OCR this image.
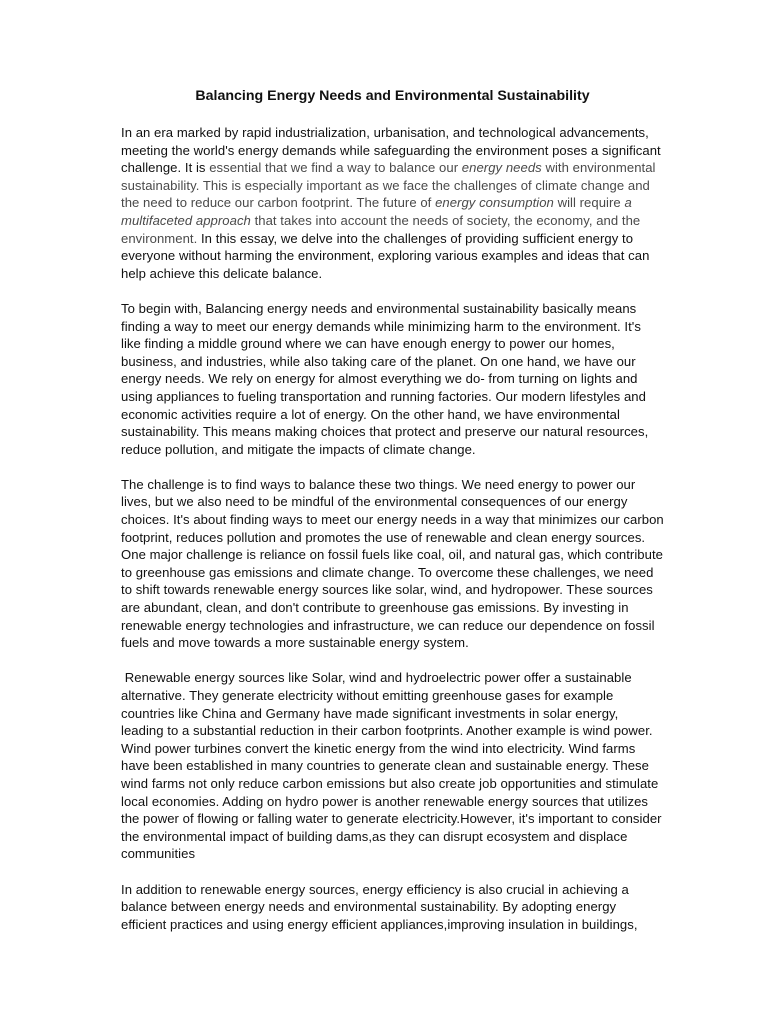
Balancing Energy Needs and Environmental Sustainability

In an era marked by rapid industrialization, urbanisation, and technological advancements, meeting the world's energy demands while safeguarding the environment poses a significant challenge. It is essential that we find a way to balance our energy needs with environmental sustainability. This is especially important as we face the challenges of climate change and the need to reduce our carbon footprint. The future of energy consumption will require a multifaceted approach that takes into account the needs of society, the economy, and the environment. In this essay, we delve into the challenges of providing sufficient energy to everyone without harming the environment, exploring various examples and ideas that can help achieve this delicate balance.

To begin with, Balancing energy needs and environmental sustainability basically means finding a way to meet our energy demands while minimizing harm to the environment. It's like finding a middle ground where we can have enough energy to power our homes, business, and industries, while also taking care of the planet. On one hand, we have our energy needs. We rely on energy for almost everything we do- from turning on lights and using appliances to fueling transportation and running factories. Our modern lifestyles and economic activities require a lot of energy. On the other hand, we have environmental sustainability. This means making choices that protect and preserve our natural resources, reduce pollution, and mitigate the impacts of climate change.

The challenge is to find ways to balance these two things. We need energy to power our lives, but we also need to be mindful of the environmental consequences of our energy choices. It's about finding ways to meet our energy needs in a way that minimizes our carbon footprint, reduces pollution and promotes the use of renewable and clean energy sources. One major challenge is reliance on fossil fuels like coal, oil, and natural gas, which contribute to greenhouse gas emissions and climate change. To overcome these challenges, we need to shift towards renewable energy sources like solar, wind, and hydropower. These sources are abundant, clean, and don't contribute to greenhouse gas emissions. By investing in renewable energy technologies and infrastructure, we can reduce our dependence on fossil fuels and move towards a more sustainable energy system.

Renewable energy sources like Solar, wind and hydroelectric power offer a sustainable alternative. They generate electricity without emitting greenhouse gases for example countries like China and Germany have made significant investments in solar energy, leading to a substantial reduction in their carbon footprints. Another example is wind power. Wind power turbines convert the kinetic energy from the wind into electricity. Wind farms have been established in many countries to generate clean and sustainable energy. These wind farms not only reduce carbon emissions but also create job opportunities and stimulate local economies. Adding on hydro power is another renewable energy sources that utilizes the power of flowing or falling water to generate electricity.However, it's important to consider the environmental impact of building dams,as they can disrupt ecosystem and displace communities

In addition to renewable energy sources, energy efficiency is also crucial in achieving a balance between energy needs and environmental sustainability. By adopting energy efficient practices and using energy efficient appliances,improving insulation in buildings,
